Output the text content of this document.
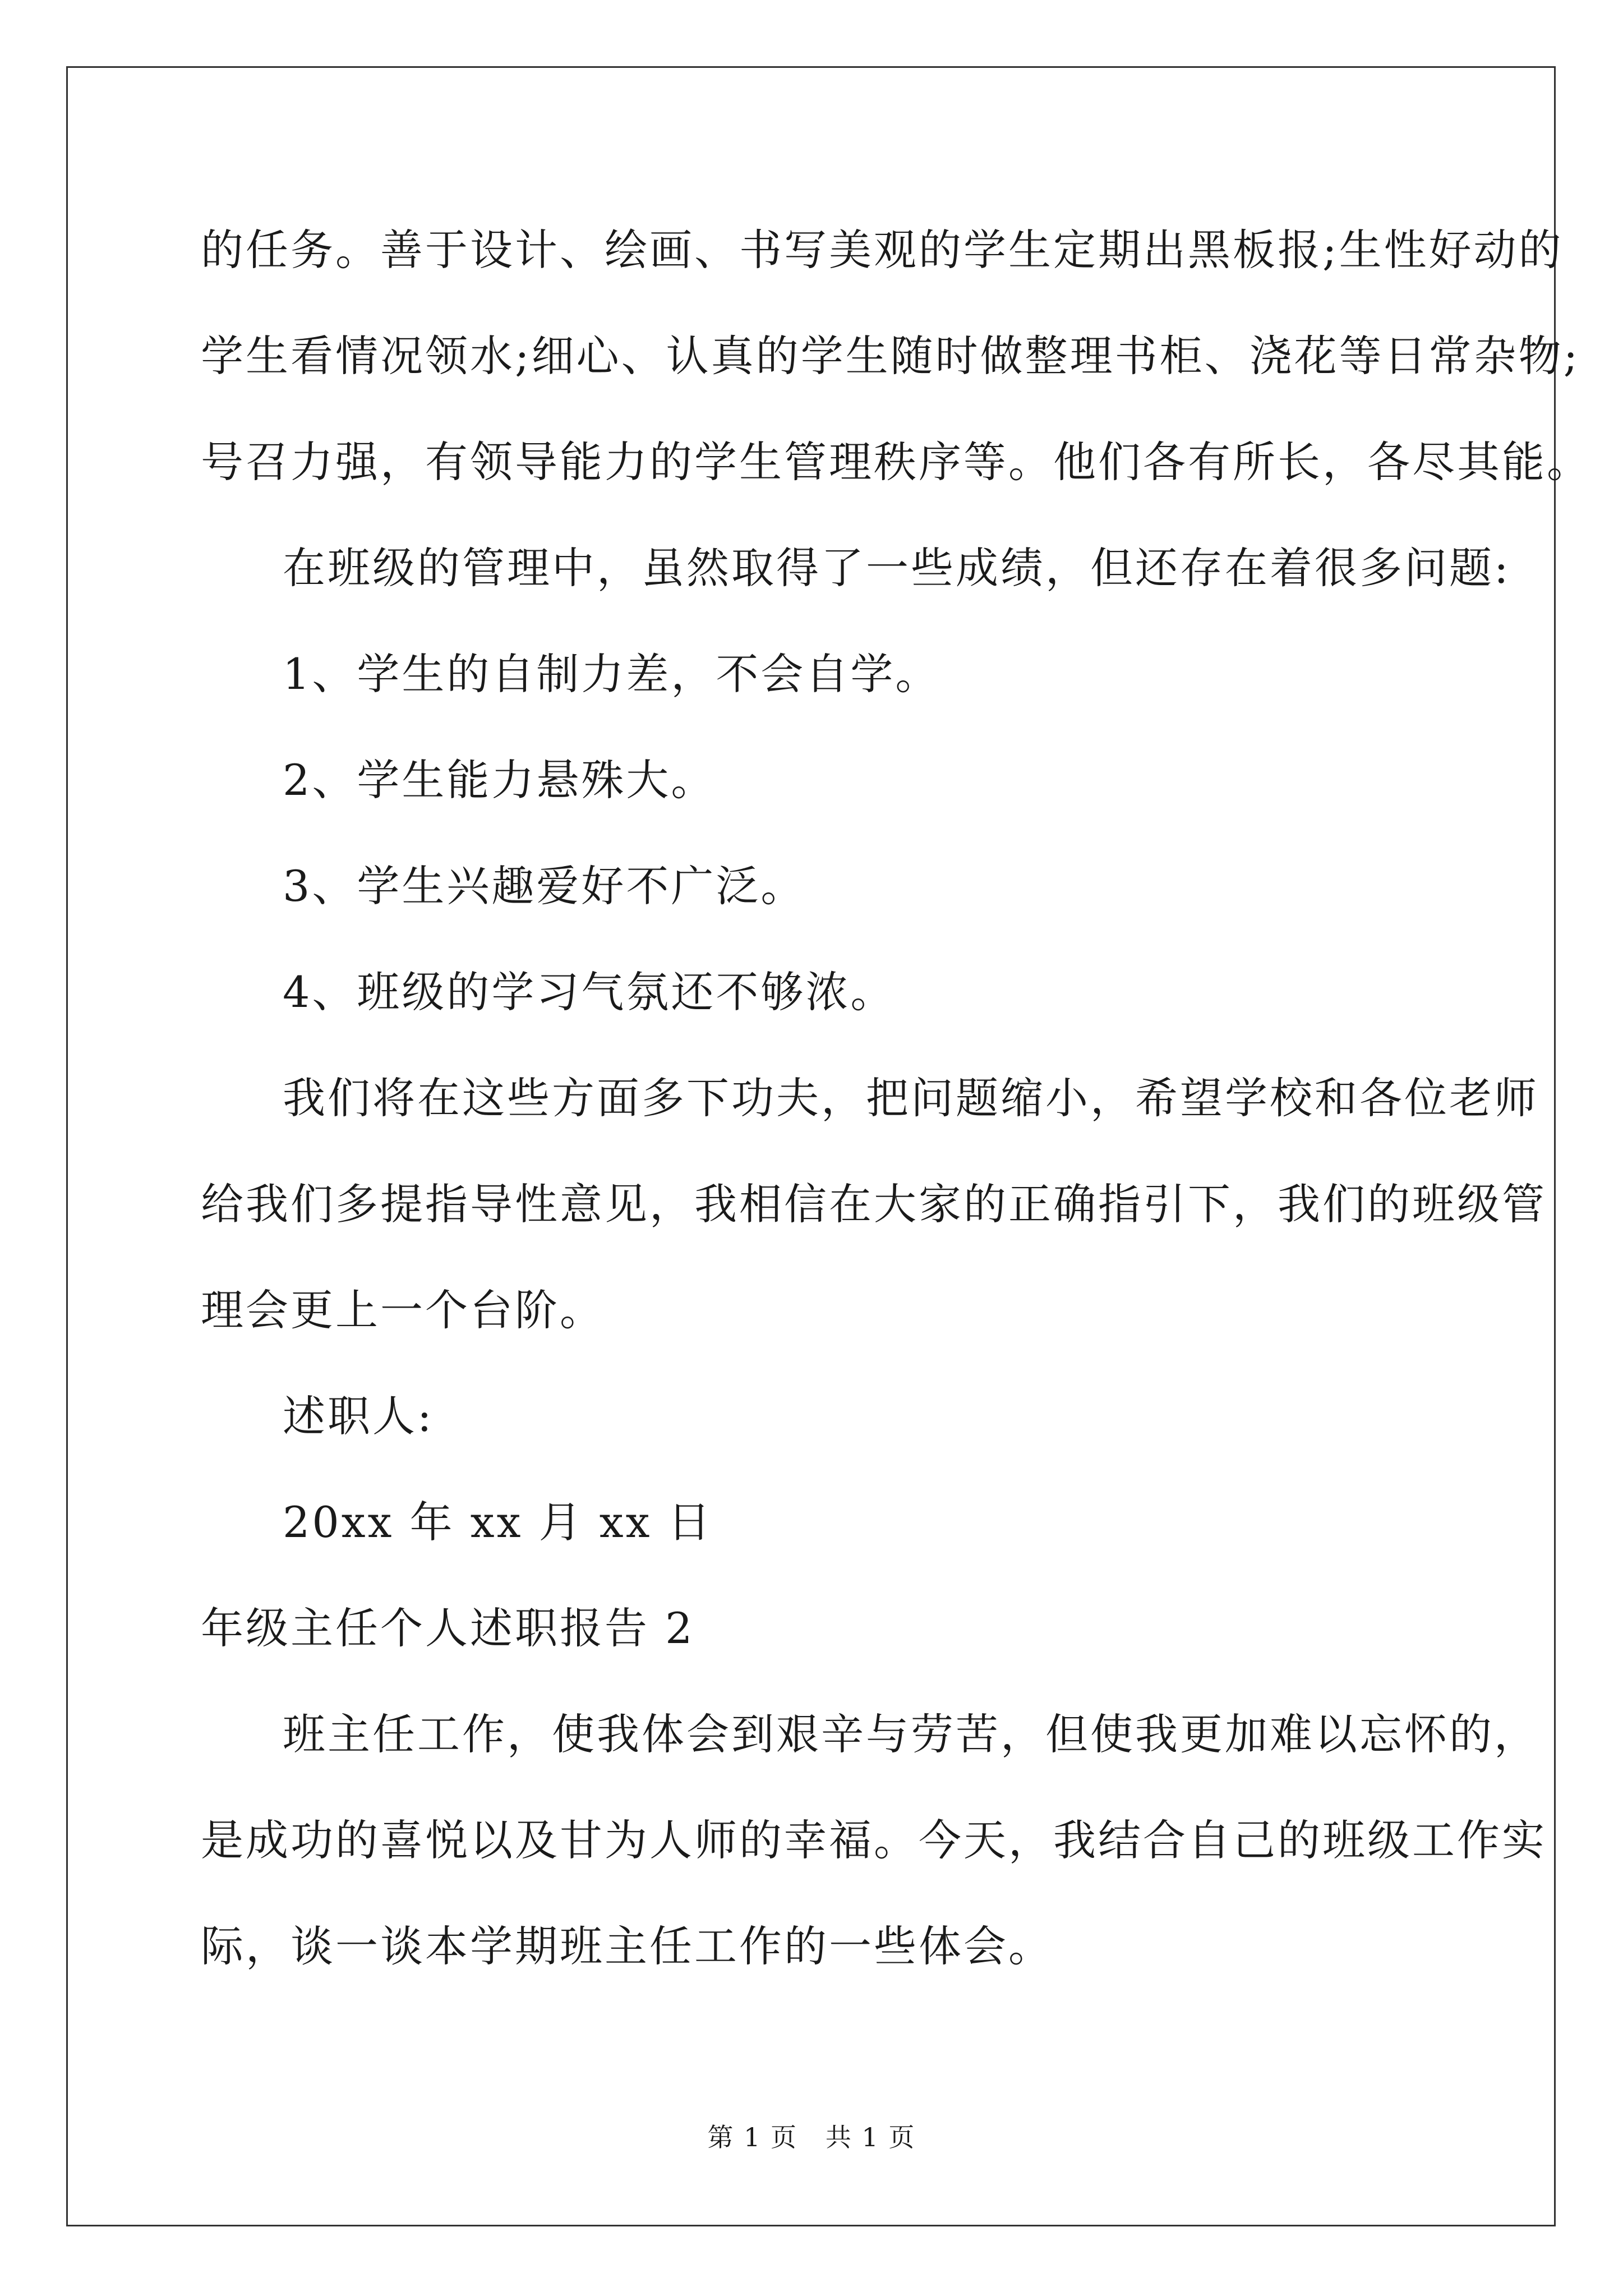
的任务。善于设计、绘画、书写美观的学生定期出黑板报;生性好动的
学生看情况领水;细心、认真的学生随时做整理书柜、浇花等日常杂物;
号召力强，有领导能力的学生管理秩序等。他们各有所长，各尽其能。
在班级的管理中，虽然取得了一些成绩，但还存在着很多问题:
1、学生的自制力差，不会自学。
2、学生能力悬殊大。
3、学生兴趣爱好不广泛。
4、班级的学习气氛还不够浓。
我们将在这些方面多下功夫，把问题缩小，希望学校和各位老师
给我们多提指导性意见，我相信在大家的正确指引下，我们的班级管
理会更上一个台阶。
述职人:
20xx 年 xx 月 xx 日
年级主任个人述职报告 2
班主任工作，使我体会到艰辛与劳苦，但使我更加难以忘怀的，
是成功的喜悦以及甘为人师的幸福。今天，我结合自己的班级工作实
际，谈一谈本学期班主任工作的一些体会。
第 1 页   共 1 页
